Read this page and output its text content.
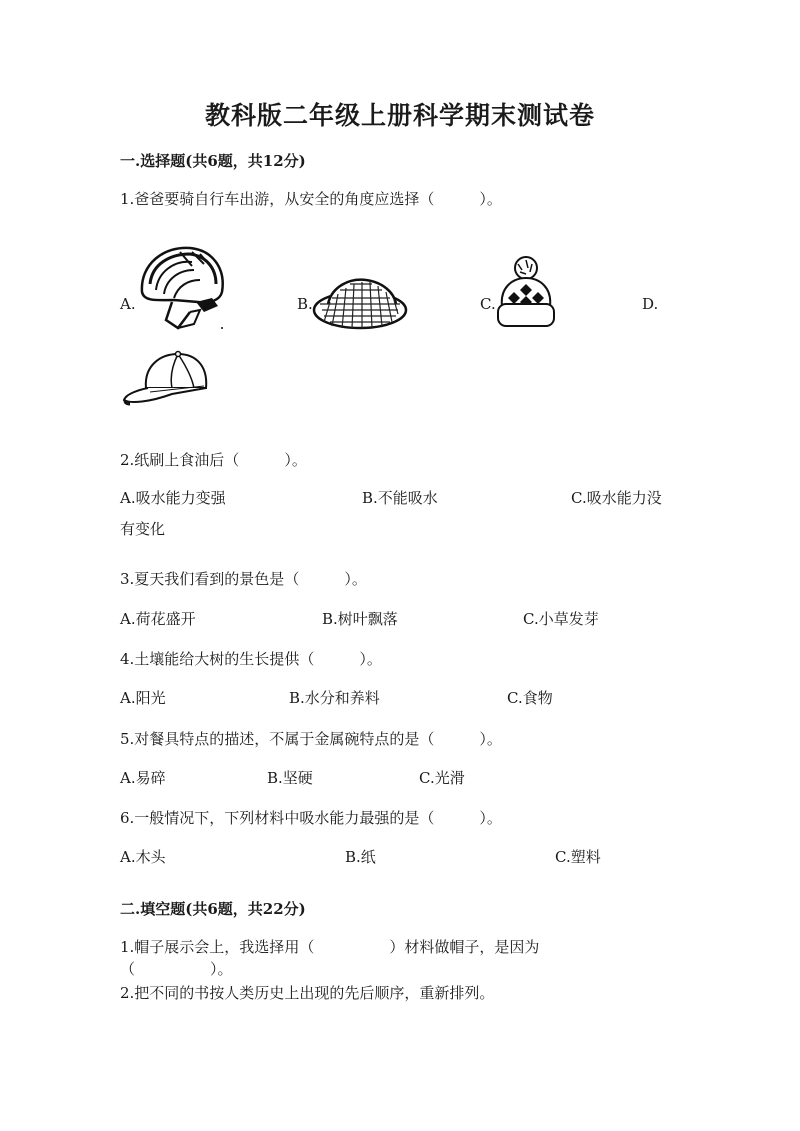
教科版二年级上册科学期末测试卷
一.选择题(共6题，共12分)
1.爸爸要骑自行车出游，从安全的角度应选择（　　　）。
A.	B.	C.	D.
2.纸刷上食油后（　　　）。
A.吸水能力变强	B.不能吸水	C.吸水能力没
有变化
3.夏天我们看到的景色是（　　　）。
A.荷花盛开	B.树叶飘落	C.小草发芽
4.土壤能给大树的生长提供（　　　）。
A.阳光	B.水分和养料	C.食物
5.对餐具特点的描述，不属于金属碗特点的是（　　　）。
A.易碎	B.坚硬	C.光滑
6.一般情况下，下列材料中吸水能力最强的是（　　　）。
A.木头	B.纸	C.塑料
二.填空题(共6题，共22分)
1.帽子展示会上，我选择用（　　　　　）材料做帽子，是因为
（　　　　　）。
2.把不同的书按人类历史上出现的先后顺序，重新排列。
